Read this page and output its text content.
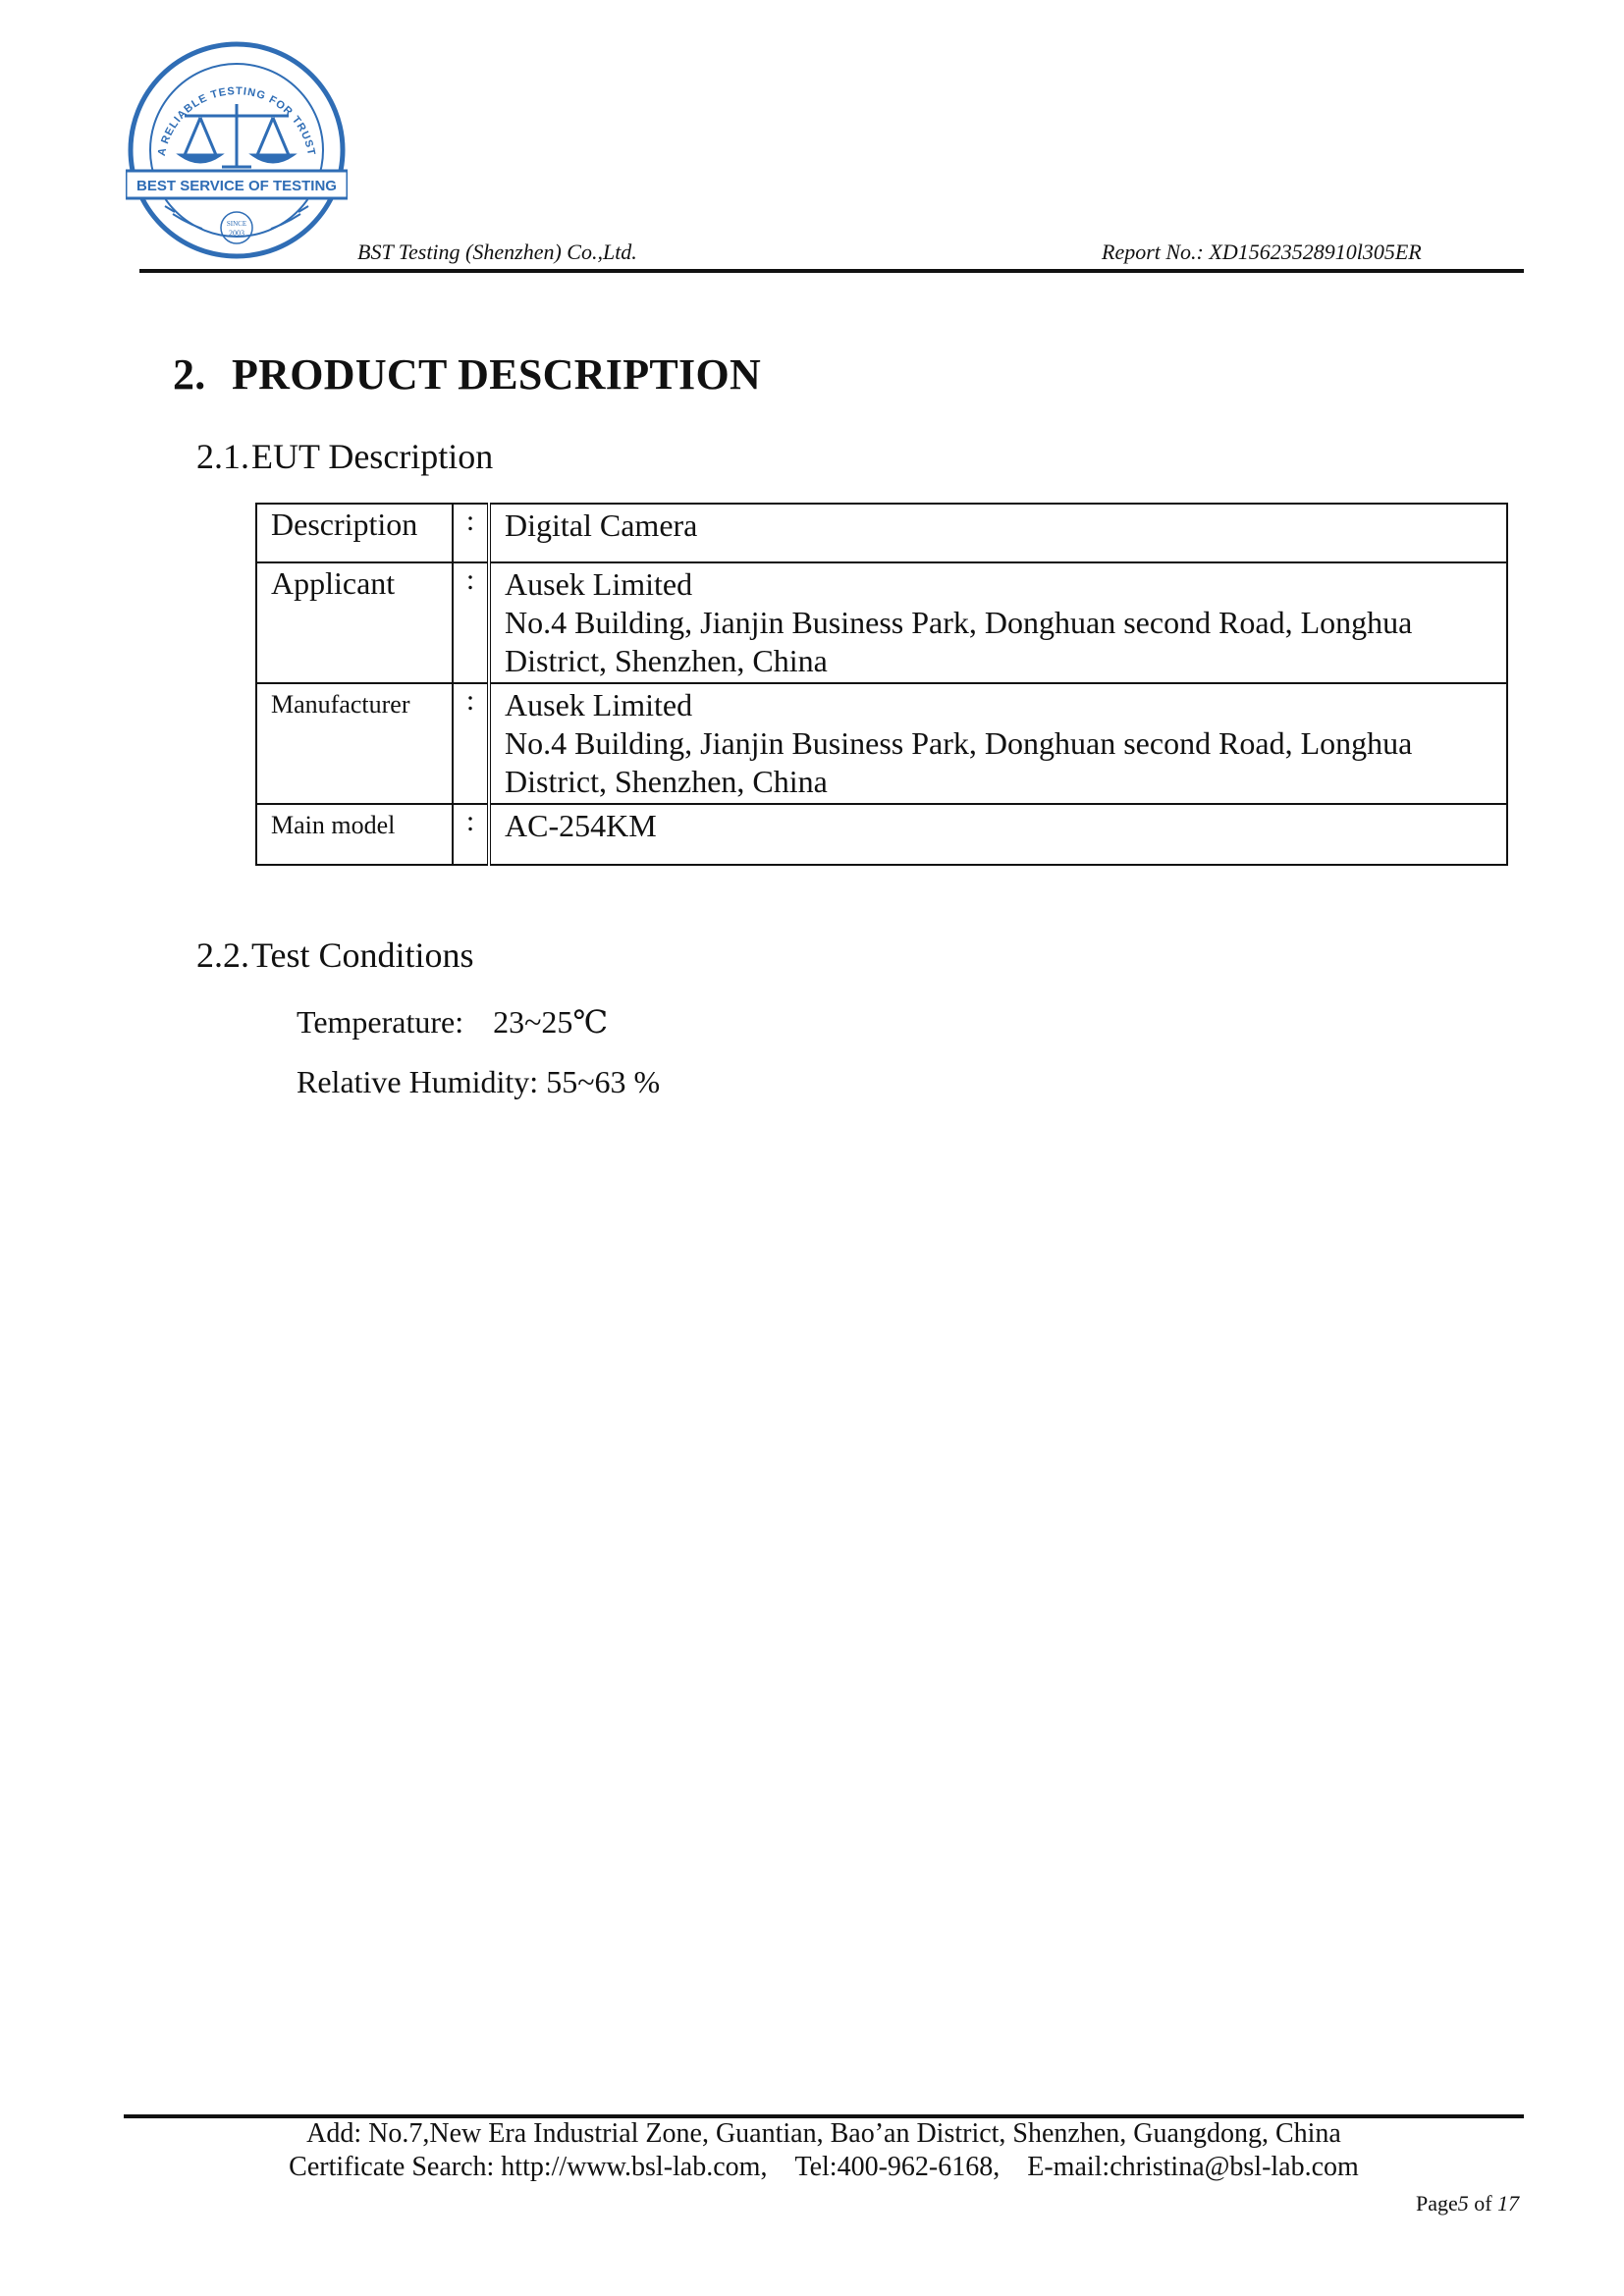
A RELIABLE TESTING FOR TRUST
BEST SERVICE OF TESTING
SINCE
2003
BST Testing (Shenzhen) Co.,Ltd.	Report No.: XD15623528910l305ER
2. PRODUCT DESCRIPTION
2.1.EUT Description
Description	:	Digital Camera

Applicant	:	Ausek Limited
No.4 Building, Jianjin Business Park, Donghuan second Road, Longhua
District, Shenzhen, China

Manufacturer	:	Ausek Limited
No.4 Building, Jianjin Business Park, Donghuan second Road, Longhua
District, Shenzhen, China

Main model	:	AC-254KM
2.2.Test Conditions
Temperature: 23~25℃
Relative Humidity: 55~63 %
Add: No.7,New Era Industrial Zone, Guantian, Bao’an District, Shenzhen, Guangdong, China
Certificate Search: http://www.bsl-lab.com, Tel:400-962-6168, E-mail:christina@bsl-lab.com
Page5 of 17
